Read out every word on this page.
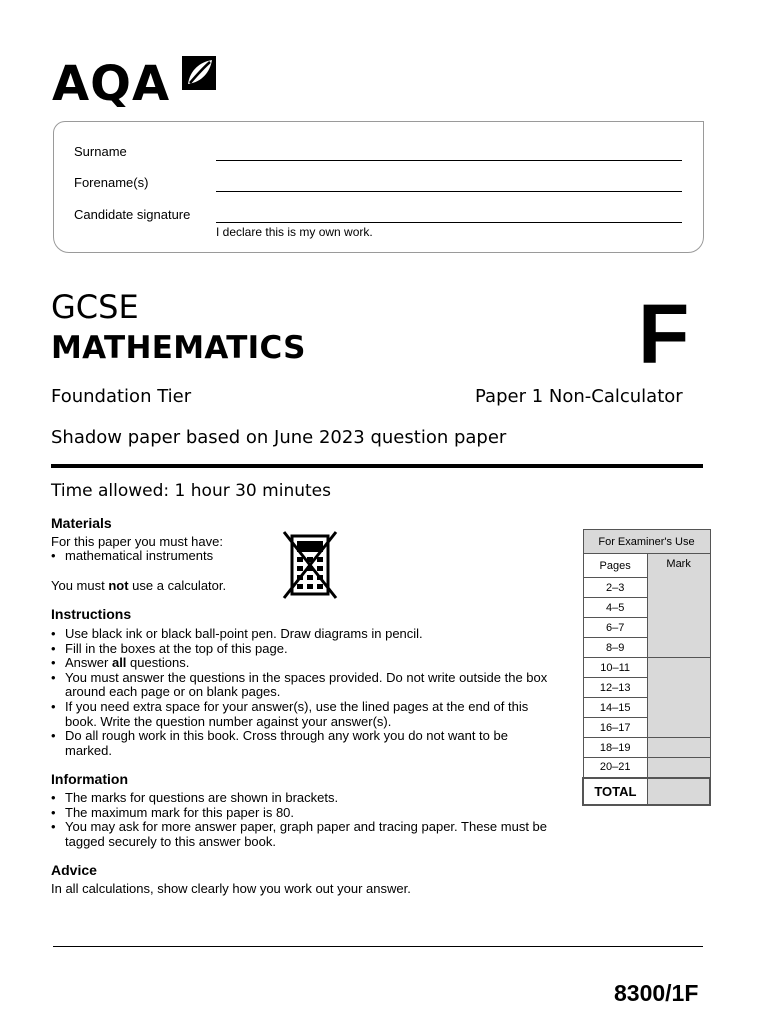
AQA
Surname
Forename(s)
Candidate signature
I declare this is my own work.
GCSE
MATHEMATICS	F
Foundation Tier	Paper 1 Non-Calculator
Shadow paper based on June 2023 question paper
Time allowed: 1 hour 30 minutes
Materials
For this paper you must have:
• mathematical instruments
You must not use a calculator.
Instructions
• Use black ink or black ball-point pen. Draw diagrams in pencil.
• Fill in the boxes at the top of this page.
• Answer all questions.
• You must answer the questions in the spaces provided. Do not write outside the box around each page or on blank pages.
• If you need extra space for your answer(s), use the lined pages at the end of this book. Write the question number against your answer(s).
• Do all rough work in this book. Cross through any work you do not want to be marked.
Information
• The marks for questions are shown in brackets.
• The maximum mark for this paper is 80.
• You may ask for more answer paper, graph paper and tracing paper. These must be tagged securely to this answer book.
Advice
In all calculations, show clearly how you work out your answer.
For Examiner's Use	
Pages	Mark
2–3	
4–5	
6–7	
8–9	
10–11	
12–13	
14–15	
16–17	
18–19	
20–21	
TOTAL	
8300/1F
